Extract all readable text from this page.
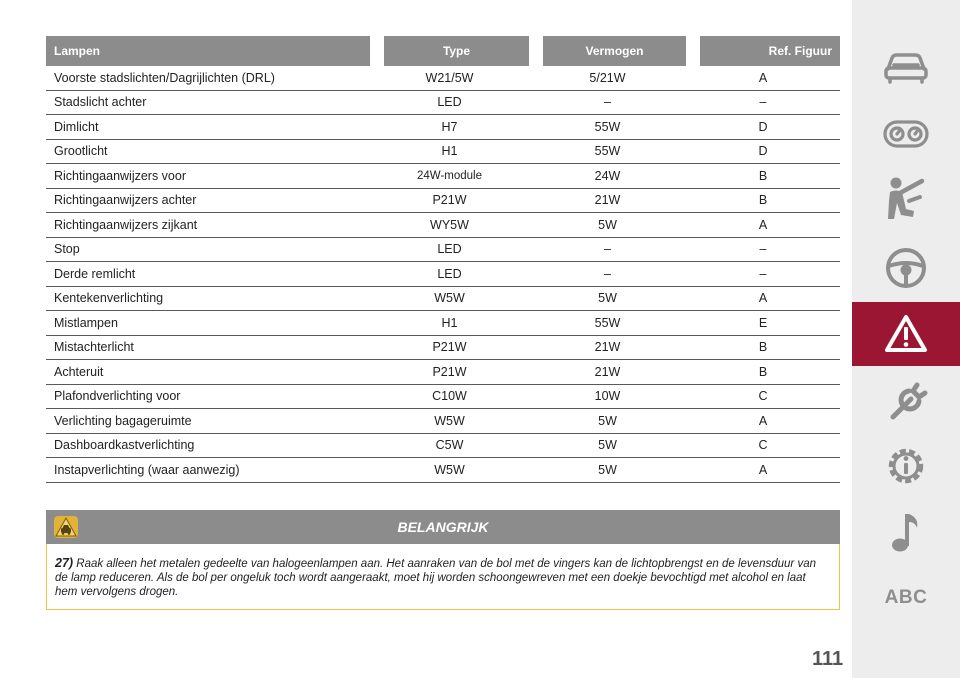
Lampen	Type	Vermogen	Ref. Figuur
Voorste stadslichten/Dagrijlichten (DRL)	W21/5W	5/21W	A
Stadslicht achter	LED	–	–
Dimlicht	H7	55W	D
Grootlicht	H1	55W	D
Richtingaanwijzers voor	24W-module	24W	B
Richtingaanwijzers achter	P21W	21W	B
Richtingaanwijzers zijkant	WY5W	5W	A
Stop	LED	–	–
Derde remlicht	LED	–	–
Kentekenverlichting	W5W	5W	A
Mistlampen	H1	55W	E
Mistachterlicht	P21W	21W	B
Achteruit	P21W	21W	B
Plafondverlichting voor	C10W	10W	C
Verlichting bagageruimte	W5W	5W	A
Dashboardkastverlichting	C5W	5W	C
Instapverlichting (waar aanwezig)	W5W	5W	A
BELANGRIJK
27) Raak alleen het metalen gedeelte van halogeenlampen aan. Het aanraken van de bol met de vingers kan de lichtopbrengst en de levensduur van de lamp reduceren. Als de bol per ongeluk toch wordt aangeraakt, moet hij worden schoongewreven met een doekje bevochtigd met alcohol en laat hem vervolgens drogen.
111
ABC
